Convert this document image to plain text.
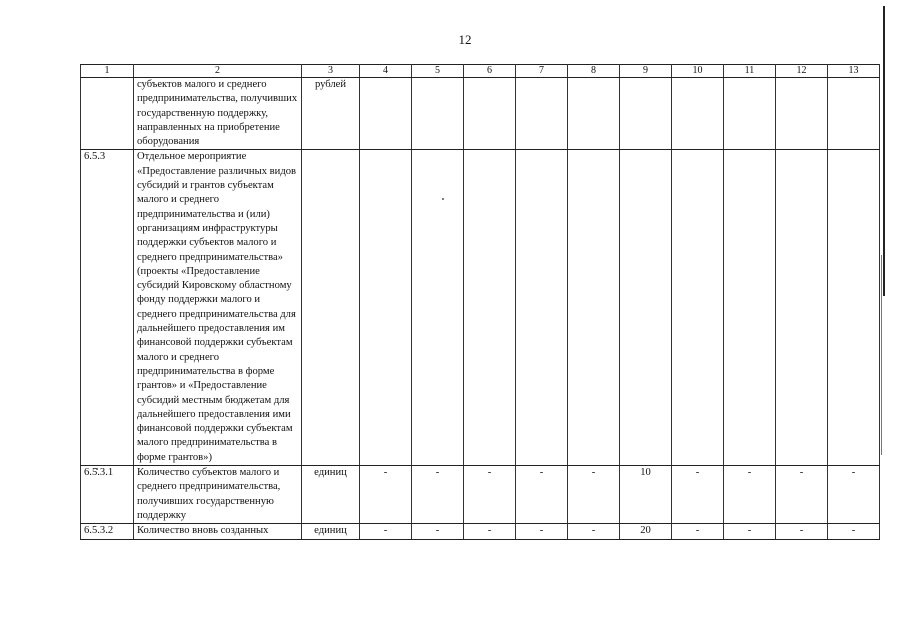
12
1	2	3	4	5	6	7	8	9	10	11	12	13
	субъектов малого и среднего предпринимательства, получивших государственную поддержку, направленных на приобретение оборудования	рублей										
6.5.3	Отдельное мероприятие «Предоставление различных видов субсидий и грантов субъектам малого и среднего предпринимательства и (или) организациям инфраструктуры поддержки субъектов малого и среднего предпринимательства» (проекты «Предоставление субсидий Кировскому областному фонду поддержки малого и среднего предпринимательства для дальнейшего предоставления им финансовой поддержки субъектам малого и среднего предпринимательства в форме грантов» и «Предоставление субсидий местным бюджетам для дальнейшего предоставления ими финансовой поддержки субъектам малого предпринимательства в форме грантов»)											
6.5.3.1	Количество субъектов малого и среднего предпринимательства, получивших государственную поддержку	единиц	-	-	-	-	-	10	-	-	-	-
6.5.3.2	Количество вновь созданных	единиц	-	-	-	-	-	20	-	-	-	-
